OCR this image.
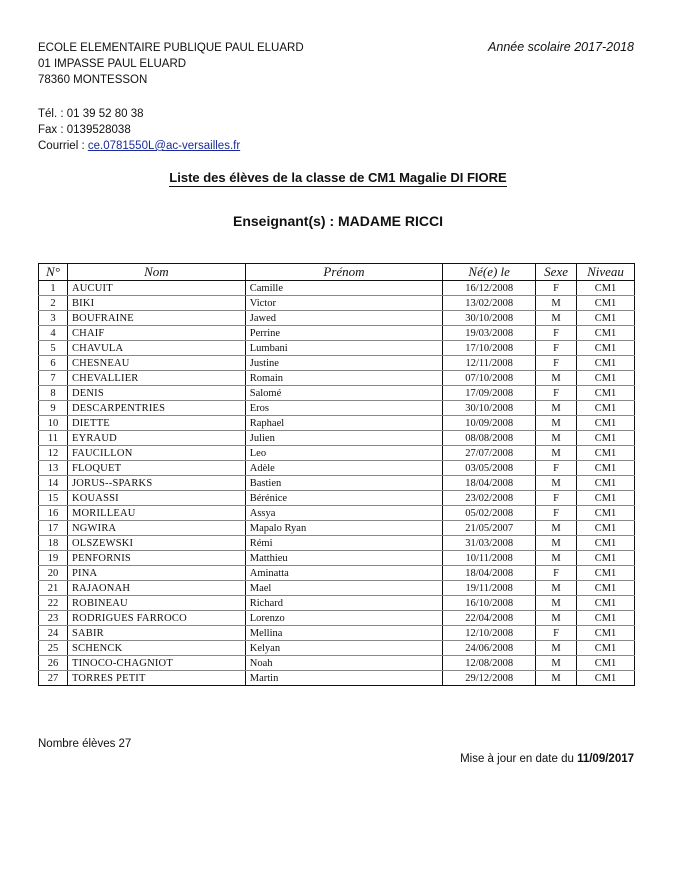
ECOLE ELEMENTAIRE PUBLIQUE PAUL ELUARD
01 IMPASSE PAUL ELUARD
78360 MONTESSON
Tél. : 01 39 52 80 38
Fax : 0139528038
Courriel : ce.0781550L@ac-versailles.fr
Année scolaire 2017-2018
Liste des élèves de la classe de CM1 Magalie DI FIORE
Enseignant(s) : MADAME RICCI
N°	Nom	Prénom	Né(e) le	Sexe	Niveau
1	AUCUIT	Camille	16/12/2008	F	CM1
2	BIKI	Victor	13/02/2008	M	CM1
3	BOUFRAINE	Jawed	30/10/2008	M	CM1
4	CHAIF	Perrine	19/03/2008	F	CM1
5	CHAVULA	Lumbani	17/10/2008	F	CM1
6	CHESNEAU	Justine	12/11/2008	F	CM1
7	CHEVALLIER	Romain	07/10/2008	M	CM1
8	DENIS	Salomé	17/09/2008	F	CM1
9	DESCARPENTRIES	Eros	30/10/2008	M	CM1
10	DIETTE	Raphael	10/09/2008	M	CM1
11	EYRAUD	Julien	08/08/2008	M	CM1
12	FAUCILLON	Leo	27/07/2008	M	CM1
13	FLOQUET	Adèle	03/05/2008	F	CM1
14	JORUS--SPARKS	Bastien	18/04/2008	M	CM1
15	KOUASSI	Bérénice	23/02/2008	F	CM1
16	MORILLEAU	Assya	05/02/2008	F	CM1
17	NGWIRA	Mapalo Ryan	21/05/2007	M	CM1
18	OLSZEWSKI	Rémi	31/03/2008	M	CM1
19	PENFORNIS	Matthieu	10/11/2008	M	CM1
20	PINA	Aminatta	18/04/2008	F	CM1
21	RAJAONAH	Mael	19/11/2008	M	CM1
22	ROBINEAU	Richard	16/10/2008	M	CM1
23	RODRIGUES FARROCO	Lorenzo	22/04/2008	M	CM1
24	SABIR	Mellina	12/10/2008	F	CM1
25	SCHENCK	Kelyan	24/06/2008	M	CM1
26	TINOCO-CHAGNIOT	Noah	12/08/2008	M	CM1
27	TORRES PETIT	Martin	29/12/2008	M	CM1
Nombre élèves 27
Mise à jour en date du 11/09/2017
